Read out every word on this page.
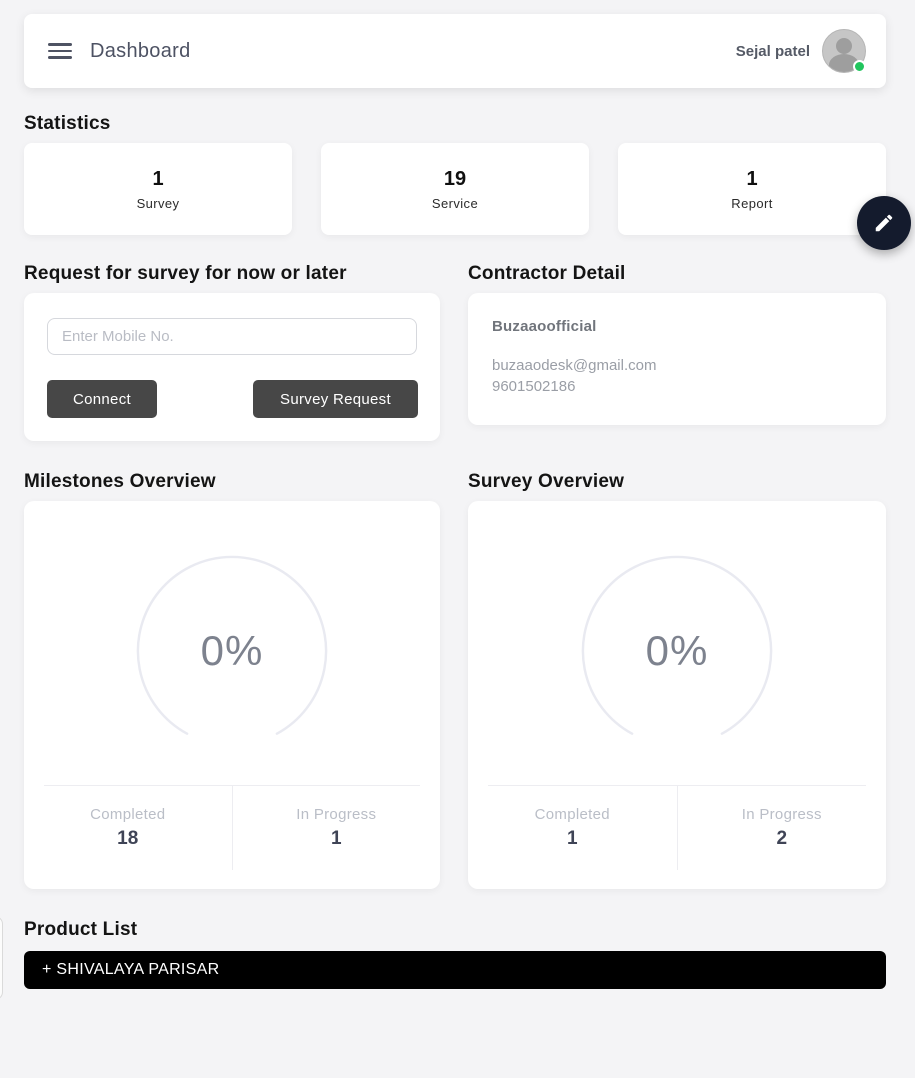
Dashboard	Sejal patel
Statistics
1
Survey
19
Service
1
Report
Request for survey for now or later
Enter Mobile No.
Connect	Survey Request
Contractor Detail
Buzaaoofficial
buzaaodesk@gmail.com
9601502186
Milestones Overview
0%
Completed
18
In Progress
1
Survey Overview
0%
Completed
1
In Progress
2
Product List
+ SHIVALAYA PARISAR
